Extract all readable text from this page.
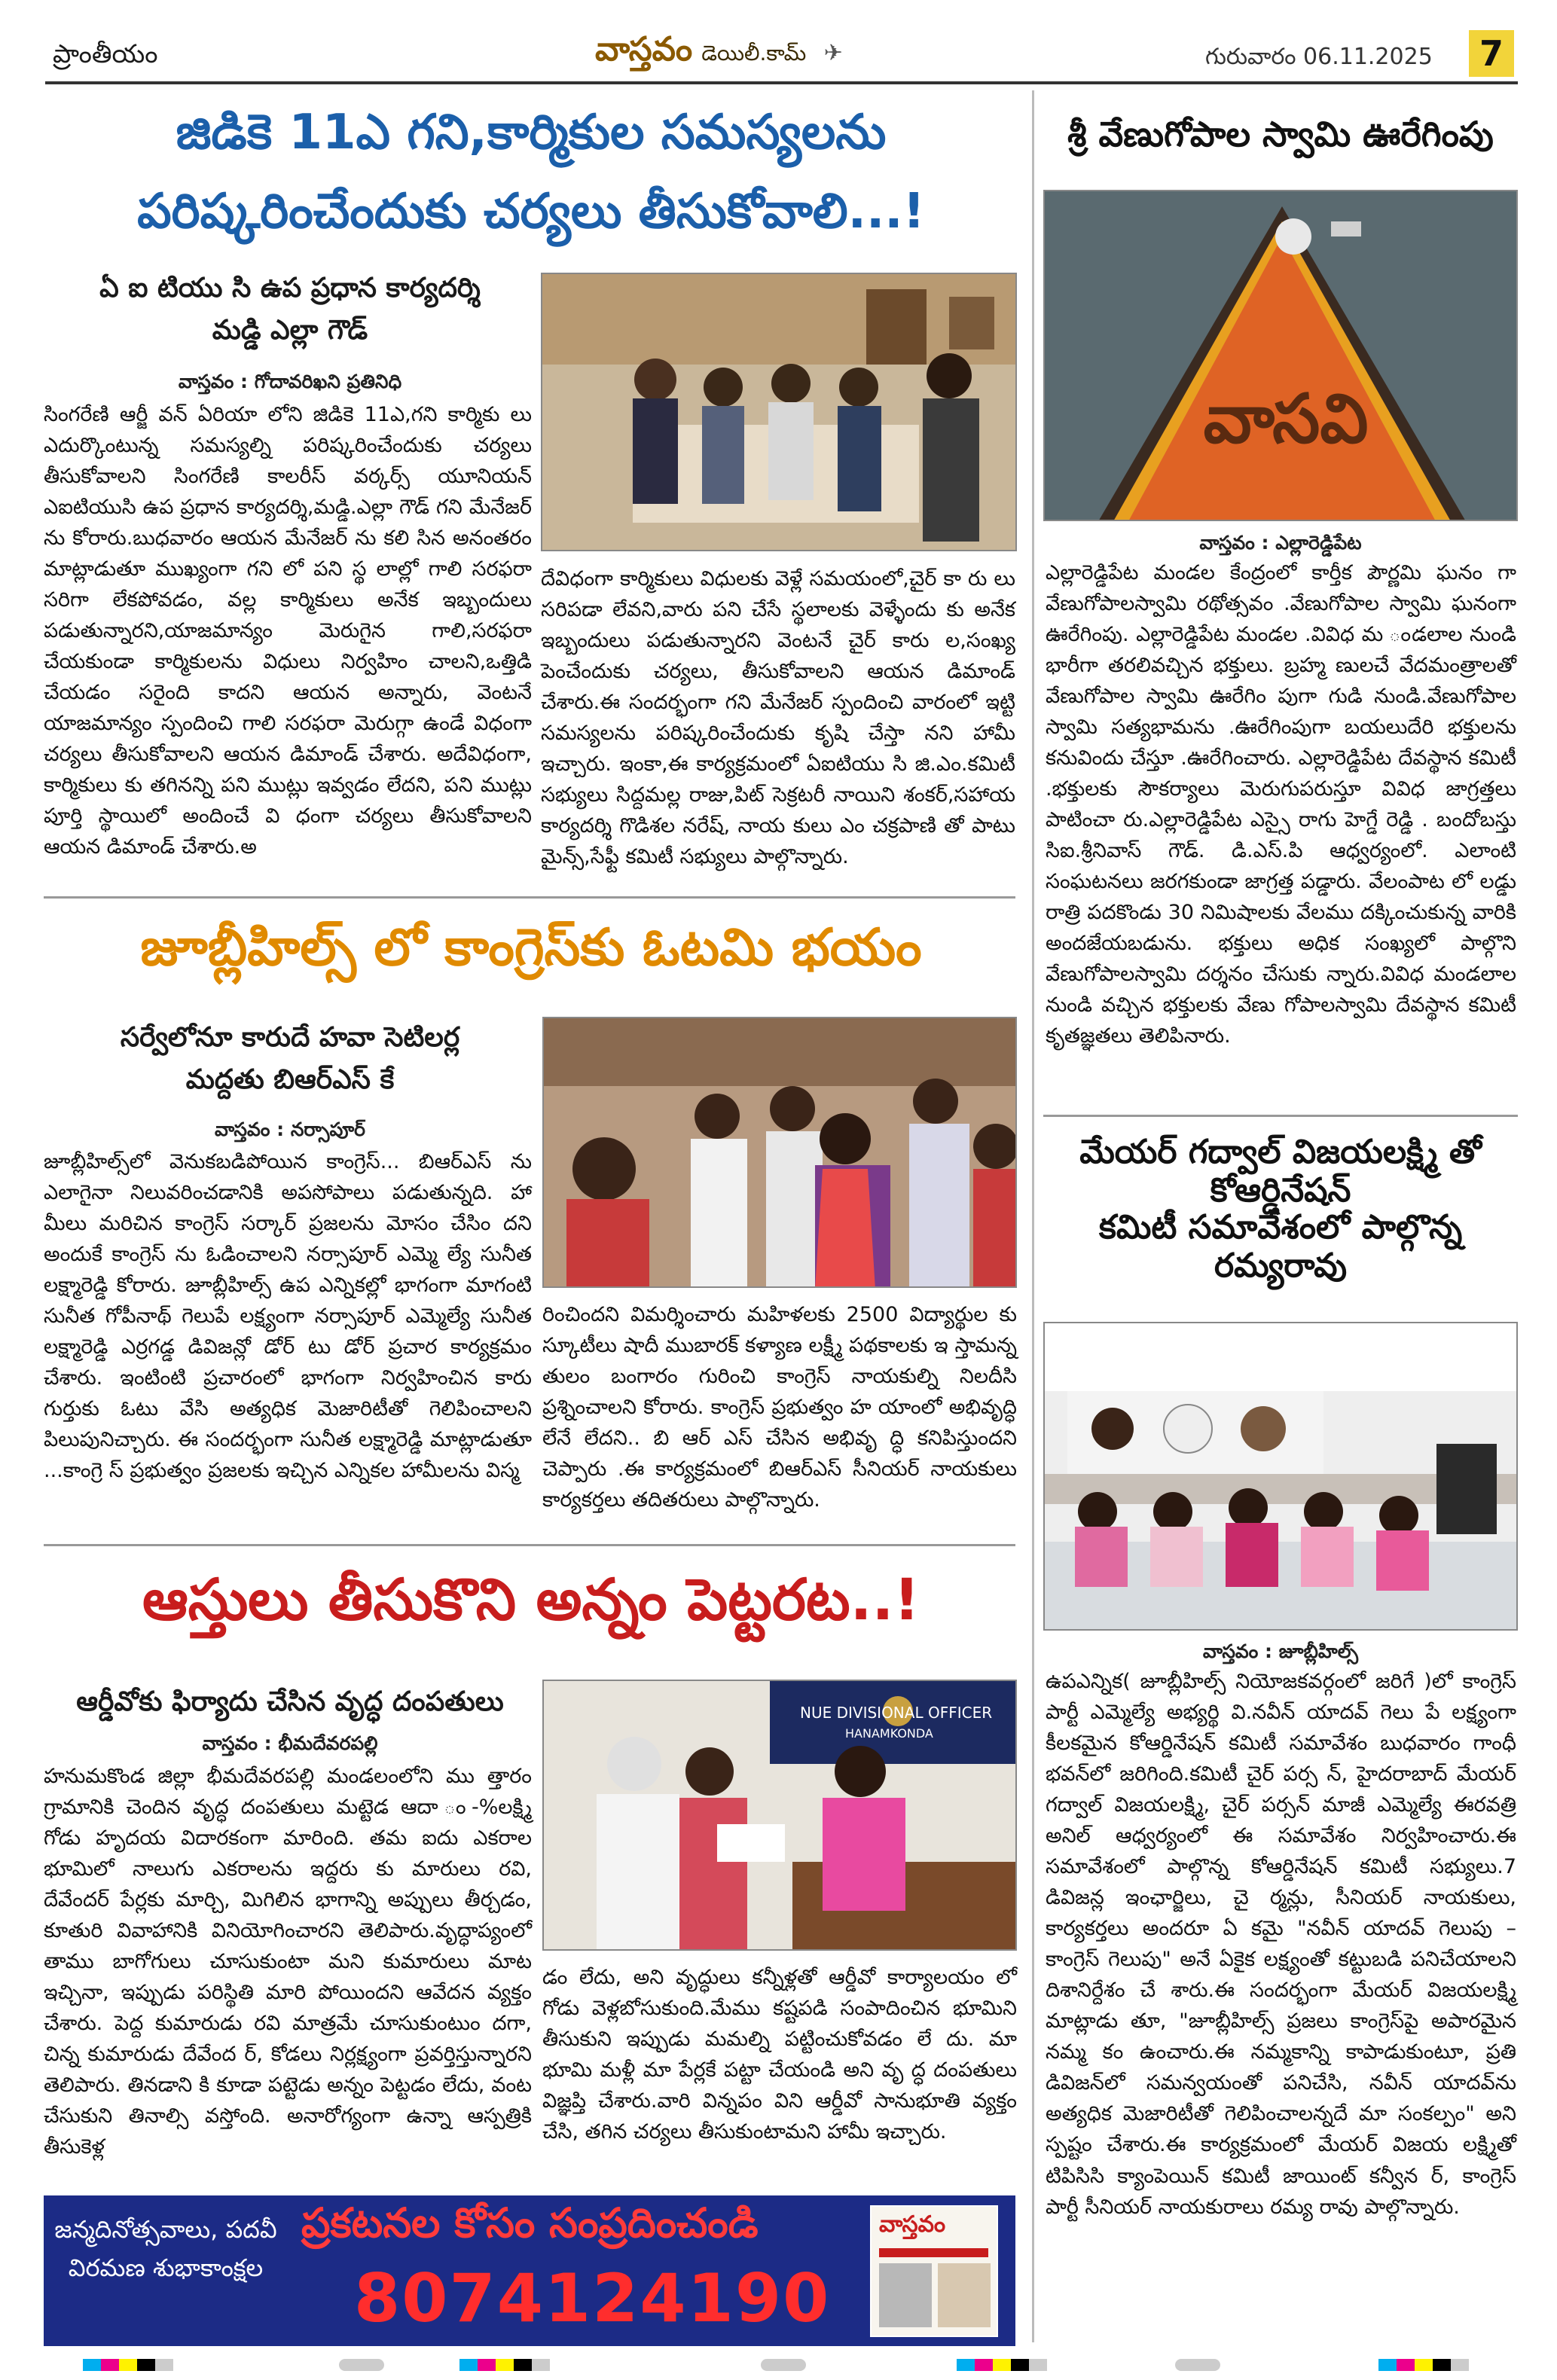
ప్రాంతీయం	వాస్తవం డెయిలీ.కామ్ ✈	గురువారం 06.11.2025	7
జిడికె 11ఎ గని,కార్మికుల సమస్యలను
పరిష్కరించేందుకు చర్యలు తీసుకోవాలి...!
ఏ ఐ టియు సి ఉప ప్రధాన కార్యదర్శి
మడ్డి ఎల్లా గౌడ్
వాస్తవం : గోదావరిఖని ప్రతినిధి
సింగరేణి ఆర్జీ వన్ ఏరియా లోని జిడికె 11ఎ,గని కార్మికు లు ఎదుర్కొంటున్న సమస్యల్ని పరిష్కరించేందుకు చర్యలు తీసుకోవాలని సింగరేణి కాలరీస్ వర్కర్స్ యూనియన్ ఎఐటియుసి ఉప ప్రధాన కార్యదర్శి,మడ్డి.ఎల్లా గౌడ్ గని మేనేజర్ ను కోరారు.బుధవారం ఆయన మేనేజర్ ను కలి సిన అనంతరం మాట్లాడుతూ ముఖ్యంగా గని లో పని స్థ లాల్లో గాలి సరఫరా సరిగా లేకపోవడం, వల్ల కార్మికులు అనేక ఇబ్బందులు పడుతున్నారని,యాజమాన్యం మెరుగైన గాలి,సరఫరా చేయకుండా కార్మికులను విధులు నిర్వహిం చాలని,ఒత్తిడి చేయడం సరైంది కాదని ఆయన అన్నారు, వెంటనే యాజమాన్యం స్పందించి గాలి సరఫరా మెరుగ్గా ఉండే విధంగా చర్యలు తీసుకోవాలని ఆయన డిమాండ్ చేశారు. అదేవిధంగా, కార్మికులు కు తగినన్ని పని ముట్లు ఇవ్వడం లేదని, పని ముట్లు పూర్తి స్థాయిలో అందించే వి ధంగా చర్యలు తీసుకోవాలని ఆయన డిమాండ్ చేశారు.అ
దేవిధంగా కార్మికులు విధులకు వెళ్లే సమయంలో,చైర్ కా రు లు సరిపడా లేవని,వారు పని చేసే స్థలాలకు వెళ్ళేందు కు అనేక ఇబ్బందులు పడుతున్నారని వెంటనే చైర్ కారు ల,సంఖ్య పెంచేందుకు చర్యలు, తీసుకోవాలని ఆయన డిమాండ్ చేశారు.ఈ సందర్భంగా గని మేనేజర్ స్పందించి వారంలో ఇట్టి సమస్యలను పరిష్కరించేందుకు కృషి చేస్తా నని హామీ ఇచ్చారు. ఇంకా,ఈ కార్యక్రమంలో ఏఐటియు సి జి.ఎం.కమిటీ సభ్యులు సిద్దమల్ల రాజు,పిట్ సెక్రటరీ నాయిని శంకర్,సహాయ కార్యదర్శి గొడిశల నరేష్, నాయ కులు ఎం చక్రపాణి తో పాటు మైన్స్,సేఫ్టీ కమిటీ సభ్యులు పాల్గొన్నారు.
జూబ్లీహిల్స్ లో కాంగ్రెస్‌కు ఓటమి భయం
సర్వేలోనూ కారుదే హవా సెటిలర్ల
మద్దతు బిఆర్ఎస్ కే
వాస్తవం : నర్సాపూర్
జూబ్లీహిల్స్‌లో వెనుకబడిపోయిన కాంగ్రెస్... బిఆర్ఎస్ ను ఎలాగైనా నిలువరించడానికి అపసోపాలు పడుతున్నది. హా మీలు మరిచిన కాంగ్రెస్ సర్కార్ ప్రజలను మోసం చేసిం దని అందుకే కాంగ్రెస్ ను ఓడించాలని నర్సాపూర్ ఎమ్మె ల్యే సునీత లక్ష్మారెడ్డి కోరారు. జూబ్లీహిల్స్ ఉప ఎన్నికల్లో భాగంగా మాగంటి సునీత గోపీనాథ్ గెలుపే లక్ష్యంగా నర్సాపూర్ ఎమ్మెల్యే సునీత లక్ష్మారెడ్డి ఎర్రగడ్డ డివిజన్లో డోర్ టు డోర్ ప్రచార కార్యక్రమం చేశారు. ఇంటింటి ప్రచారంలో భాగంగా నిర్వహించిన కారు గుర్తుకు ఓటు వేసి అత్యధిక మెజారిటీతో గెలిపించాలని పిలుపునిచ్చారు. ఈ సందర్భంగా సునీత లక్ష్మారెడ్డి మాట్లాడుతూ ...కాంగ్రె స్ ప్రభుత్వం ప్రజలకు ఇచ్చిన ఎన్నికల హామీలను విస్మ
రించిందని విమర్శించారు మహిళలకు 2500 విద్యార్థుల కు స్కూటీలు షాదీ ముబారక్ కళ్యాణ లక్ష్మీ పథకాలకు ఇ స్తామన్న తులం బంగారం గురించి కాంగ్రెస్ నాయకుల్ని నిలదీసి ప్రశ్నించాలని కోరారు. కాంగ్రెస్ ప్రభుత్వం హ యాంలో అభివృద్ధి లేనే లేదని.. బి ఆర్ ఎస్ చేసిన అభివృ ద్ధి కనిపిస్తుందని చెప్పారు .ఈ కార్యక్రమంలో బిఆర్ఎస్ సీనియర్ నాయకులు కార్యకర్తలు తదితరులు పాల్గొన్నారు.
ఆస్తులు తీసుకొని అన్నం పెట్టరట..!
ఆర్డీవోకు ఫిర్యాదు చేసిన వృద్ధ దంపతులు
వాస్తవం : భీమదేవరపల్లి
హనుమకొండ జిల్లా భీమదేవరపల్లి మండలంలోని ము త్తారం గ్రామానికి చెందిన వృద్ధ దంపతులు మట్టెడ ఆదా ం-%లక్ష్మి గోడు హృదయ విదారకంగా మారింది. తమ ఐదు ఎకరాల భూమిలో నాలుగు ఎకరాలను ఇద్దరు కు మారులు రవి, దేవేందర్ పేర్లకు మార్చి, మిగిలిన భాగాన్ని అప్పులు తీర్చడం, కూతురి వివాహానికి వినియోగించారని తెలిపారు.వృద్ధాప్యంలో తాము బాగోగులు చూసుకుంటా మని కుమారులు మాట ఇచ్చినా, ఇప్పుడు పరిస్థితి మారి పోయిందని ఆవేదన వ్యక్తం చేశారు. పెద్ద కుమారుడు రవి మాత్రమే చూసుకుంటుం దగా, చిన్న కుమారుడు దేవేంద ర్, కోడలు నిర్లక్ష్యంగా ప్రవర్తిస్తున్నారని తెలిపారు. తినడాని కి కూడా పట్టెడు అన్నం పెట్టడం లేదు, వంట చేసుకుని తినాల్సి వస్తోంది. అనారోగ్యంగా ఉన్నా ఆస్పత్రికి తీసుకెళ్ల
NUE DIVISIONAL OFFICER
HANAMKONDA
డం లేదు, అని వృద్ధులు కన్నీళ్లతో ఆర్డీవో కార్యాలయం లో గోడు వెళ్లబోసుకుంది.మేము కష్టపడి సంపాదించిన భూమిని తీసుకుని ఇప్పుడు మమల్ని పట్టించుకోవడం లే దు. మా భూమి మళ్లీ మా పేర్లకే పట్టా చేయండి అని వృ ద్ధ దంపతులు విజ్ఞప్తి చేశారు.వారి విన్నపం విని ఆర్డీవో సానుభూతి వ్యక్తం చేసి, తగిన చర్యలు తీసుకుంటామని హామీ ఇచ్చారు.
జన్మదినోత్సవాలు, పదవీ విరమణ శుభాకాంక్షల
ప్రకటనల కోసం సంప్రదించండి
8074124190
వాస్తవం
శ్రీ వేణుగోపాల స్వామి ఊరేగింపు
వాసవి
వాస్తవం : ఎల్లారెడ్డిపేట
ఎల్లారెడ్డిపేట మండల కేంద్రంలో కార్తీక పౌర్ణమి ఘనం గా వేణుగోపాలస్వామి రథోత్సవం .వేణుగోపాల స్వామి ఘనంగా ఊరేగింపు. ఎల్లారెడ్డిపేట మండల .వివిధ మ ండలాల నుండి భారీగా తరలివచ్చిన భక్తులు. బ్రహ్మ ణులచే వేదమంత్రాలతో వేణుగోపాల స్వామి ఊరేగిం పుగా గుడి నుండి.వేణుగోపాల స్వామి సత్యభామను .ఊరేగింపుగా బయలుదేరి భక్తులను కనువిందు చేస్తూ .ఊరేగించారు. ఎల్లారెడ్డిపేట దేవస్థాన కమిటీ .భక్తులకు సౌకర్యాలు మెరుగుపరుస్తూ వివిధ జాగ్రత్తలు పాటించా రు.ఎల్లారెడ్డిపేట ఎస్సై రాగు హెగ్డే రెడ్డి . బందోబస్తు సిఐ.శ్రీనివాస్ గౌడ్. డి.ఎస్.పి ఆధ్వర్యంలో. ఎలాంటి సంఘటనలు జరగకుండా జాగ్రత్త పడ్డారు. వేలంపాట లో లడ్డు రాత్రి పదకొండు 30 నిమిషాలకు వేలము దక్కించుకున్న వారికి అందజేయబడును. భక్తులు అధిక సంఖ్యలో పాల్గొని వేణుగోపాలస్వామి దర్శనం చేసుకు న్నారు.వివిధ మండలాల నుండి వచ్చిన భక్తులకు వేణు గోపాలస్వామి దేవస్థాన కమిటీ కృతజ్ఞతలు తెలిపినారు.
మేయర్ గద్వాల్ విజయలక్ష్మి తో కోఆర్డినేషన్
కమిటీ సమావేశంలో పాల్గొన్న రమ్యరావు
వాస్తవం : జూబ్లీహిల్స్
ఉపఎన్నిక( జూబ్లీహిల్స్ నియోజకవర్గంలో జరిగే )లో కాంగ్రెస్ పార్టీ ఎమ్మెల్యే అభ్యర్థి వి.నవీన్ యాదవ్ గెలు పే లక్ష్యంగా కీలకమైన కోఆర్డినేషన్ కమిటీ సమావేశం బుధవారం గాంధీ భవన్‌లో జరిగింది.కమిటీ చైర్ పర్స న్, హైదరాబాద్ మేయర్ గద్వాల్ విజయలక్ష్మి, చైర్ పర్సన్ మాజీ ఎమ్మెల్యే ఈరవత్రి అనిల్ ఆధ్వర్యంలో ఈ సమావేశం నిర్వహించారు.ఈ సమావేశంలో పాల్గొన్న కోఆర్డినేషన్ కమిటీ సభ్యులు.7 డివిజన్ల ఇంఛార్జిలు, చై ర్మన్లు, సీనియర్ నాయకులు, కార్యకర్తలు అందరూ ఏ కమై "నవీన్ యాదవ్ గెలుపు – కాంగ్రెస్ గెలుపు" అనే ఏకైక లక్ష్యంతో కట్టుబడి పనిచేయాలని దిశానిర్దేశం చే శారు.ఈ సందర్భంగా మేయర్ విజయలక్ష్మి మాట్లాడు తూ, "జూబ్లీహిల్స్ ప్రజలు కాంగ్రెస్‌పై అపారమైన నమ్మ కం ఉంచారు.ఈ నమ్మకాన్ని కాపాడుకుంటూ, ప్రతి డివిజన్‌లో సమన్వయంతో పనిచేసి, నవీన్ యాదవ్‌ను అత్యధిక మెజారిటీతో గెలిపించాలన్నదే మా సంకల్పం" అని స్పష్టం చేశారు.ఈ కార్యక్రమంలో మేయర్ విజయ లక్ష్మితో టిపిసిసి క్యాంపెయిన్ కమిటీ జాయింట్ కన్వీన ర్, కాంగ్రెస్ పార్టీ సీనియర్ నాయకురాలు రమ్య రావు పాల్గొన్నారు.
